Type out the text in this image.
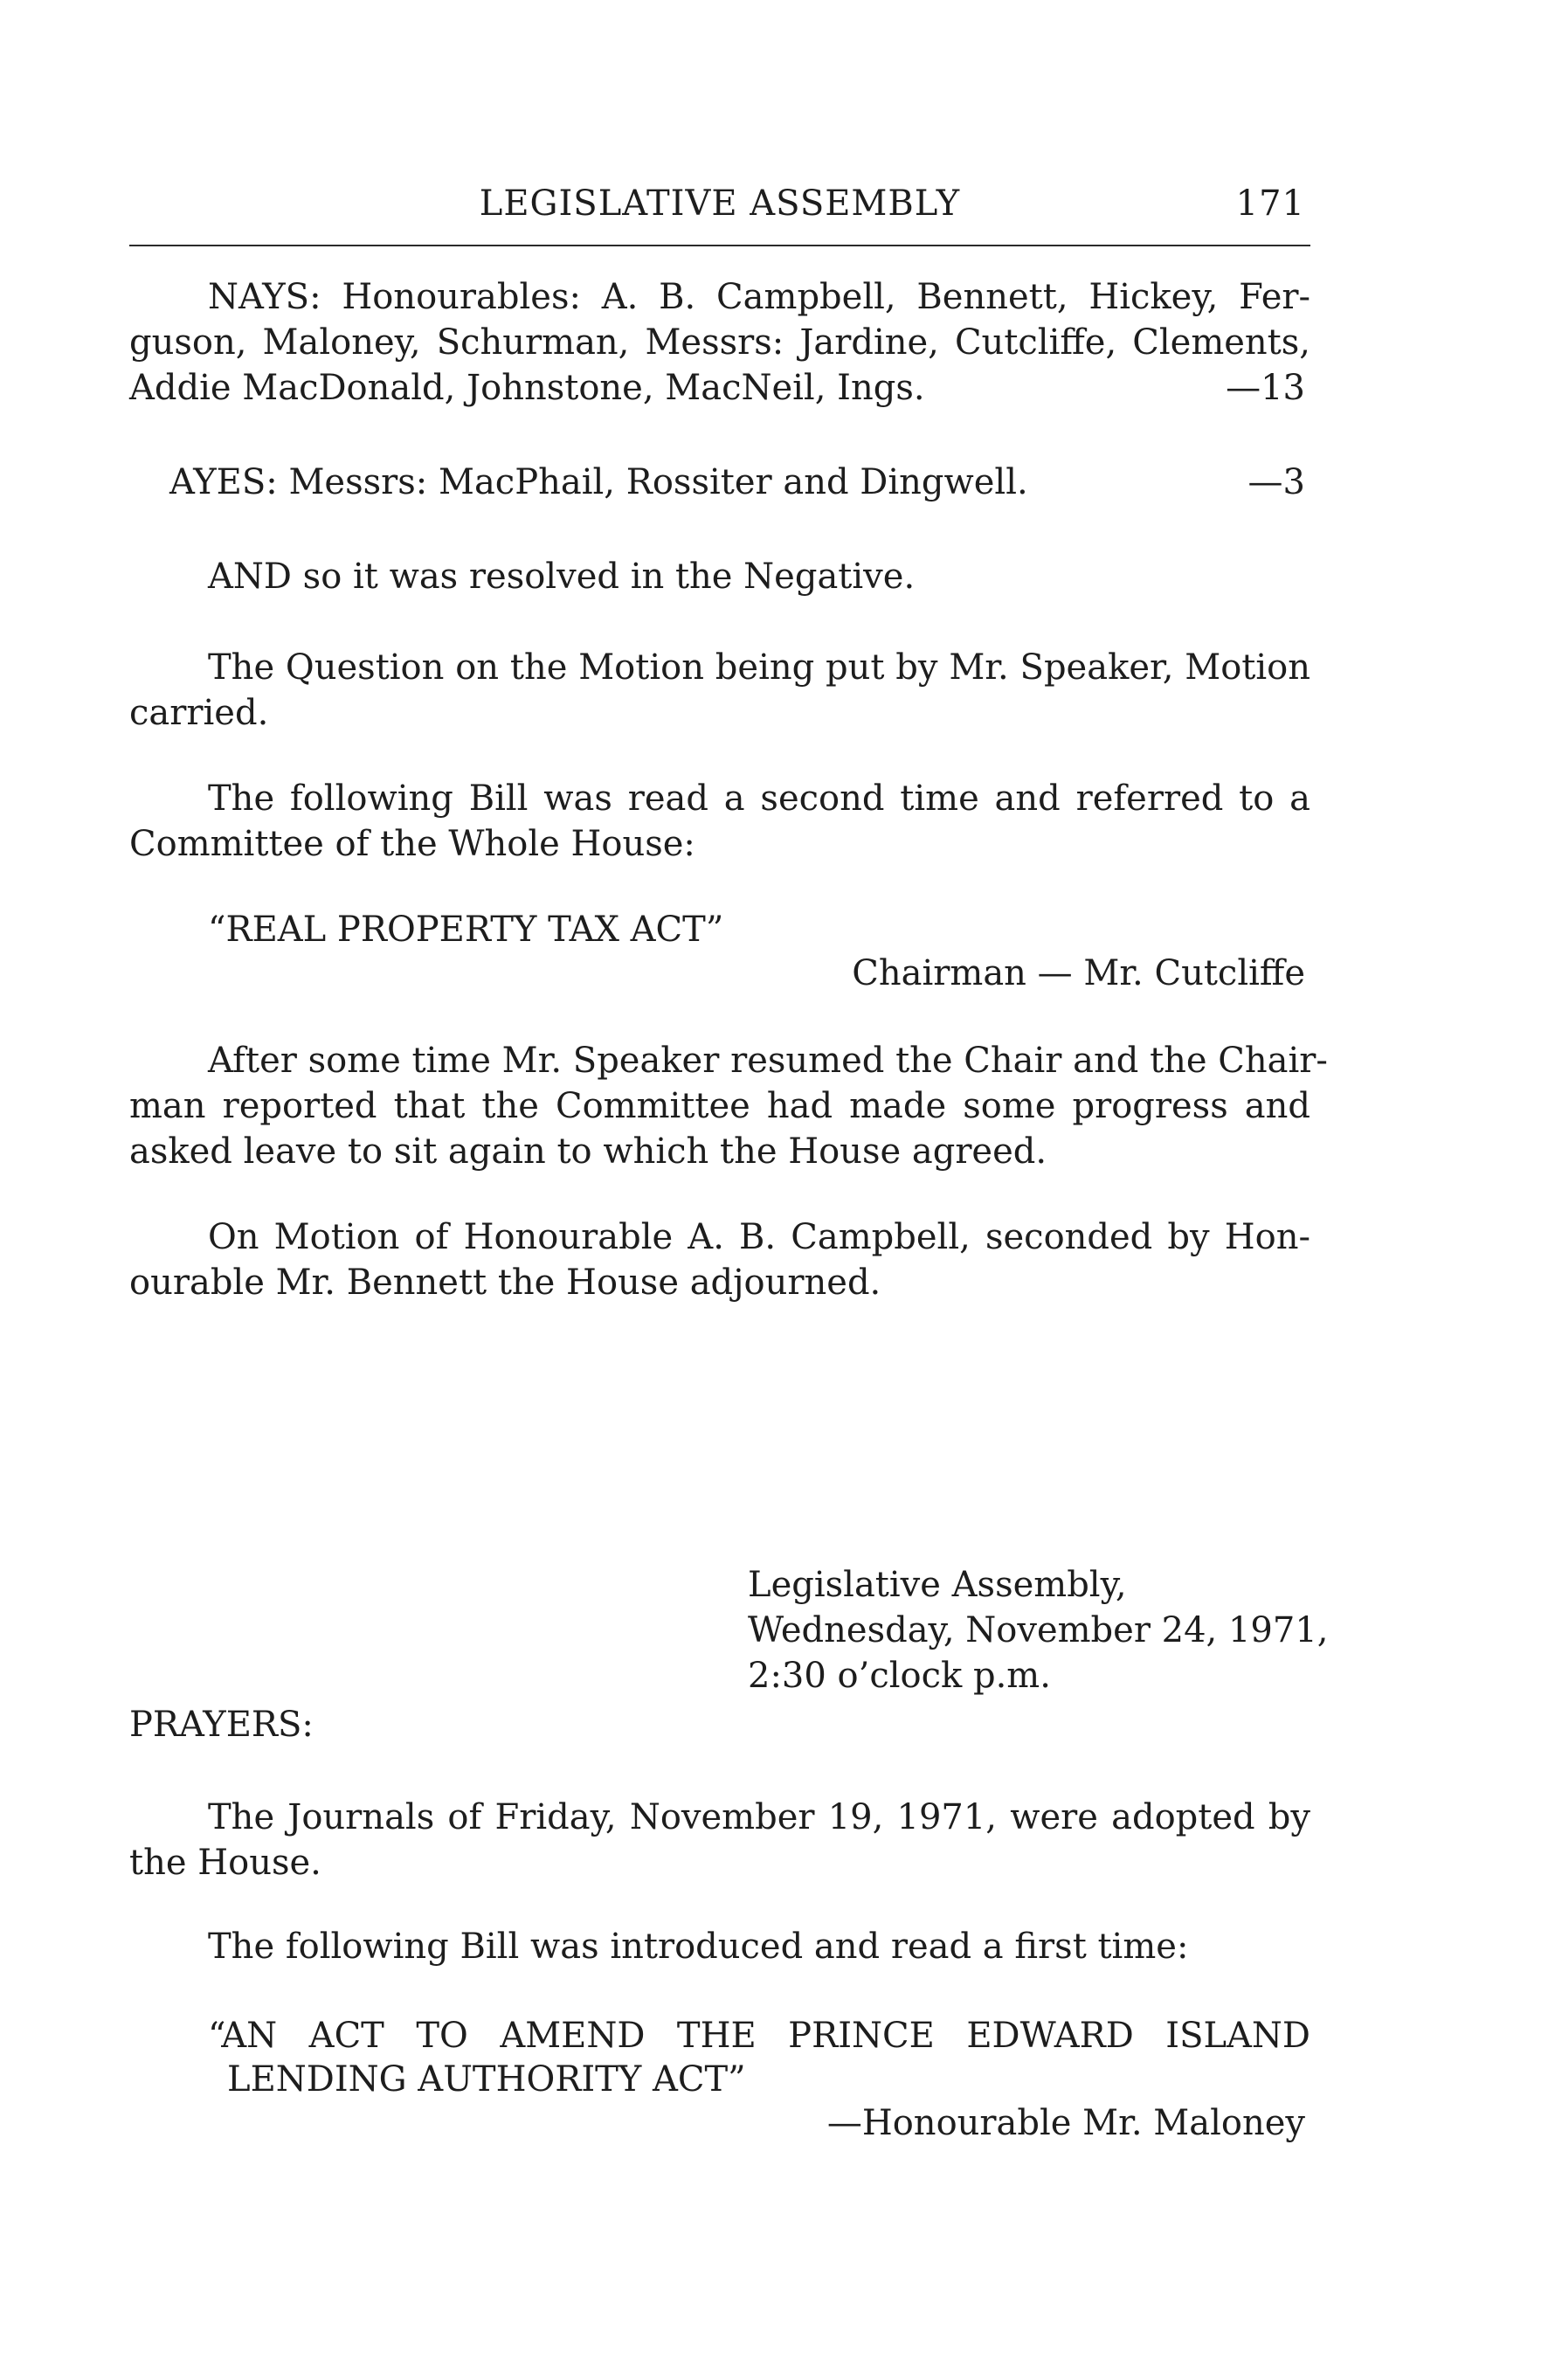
LEGISLATIVE ASSEMBLY	171
NAYS: Honourables: A. B. Campbell, Bennett, Hickey, Fer-
guson, Maloney, Schurman, Messrs: Jardine, Cutcliffe, Clements,
Addie MacDonald, Johnstone, MacNeil, Ings.	—13
AYES: Messrs: MacPhail, Rossiter and Dingwell.	—3
AND so it was resolved in the Negative.
The Question on the Motion being put by Mr. Speaker, Motion
carried.
The following Bill was read a second time and referred to a
Committee of the Whole House:
“REAL PROPERTY TAX ACT”
Chairman — Mr. Cutcliffe
After some time Mr. Speaker resumed the Chair and the Chair-
man reported that the Committee had made some progress and
asked leave to sit again to which the House agreed.
On Motion of Honourable A. B. Campbell, seconded by Hon-
ourable Mr. Bennett the House adjourned.
Legislative Assembly,
Wednesday, November 24, 1971,
2:30 o’clock p.m.
PRAYERS:
The Journals of Friday, November 19, 1971, were adopted by
the House.
The following Bill was introduced and read a first time:
“AN ACT TO AMEND THE PRINCE EDWARD ISLAND
LENDING AUTHORITY ACT”
—Honourable Mr. Maloney
